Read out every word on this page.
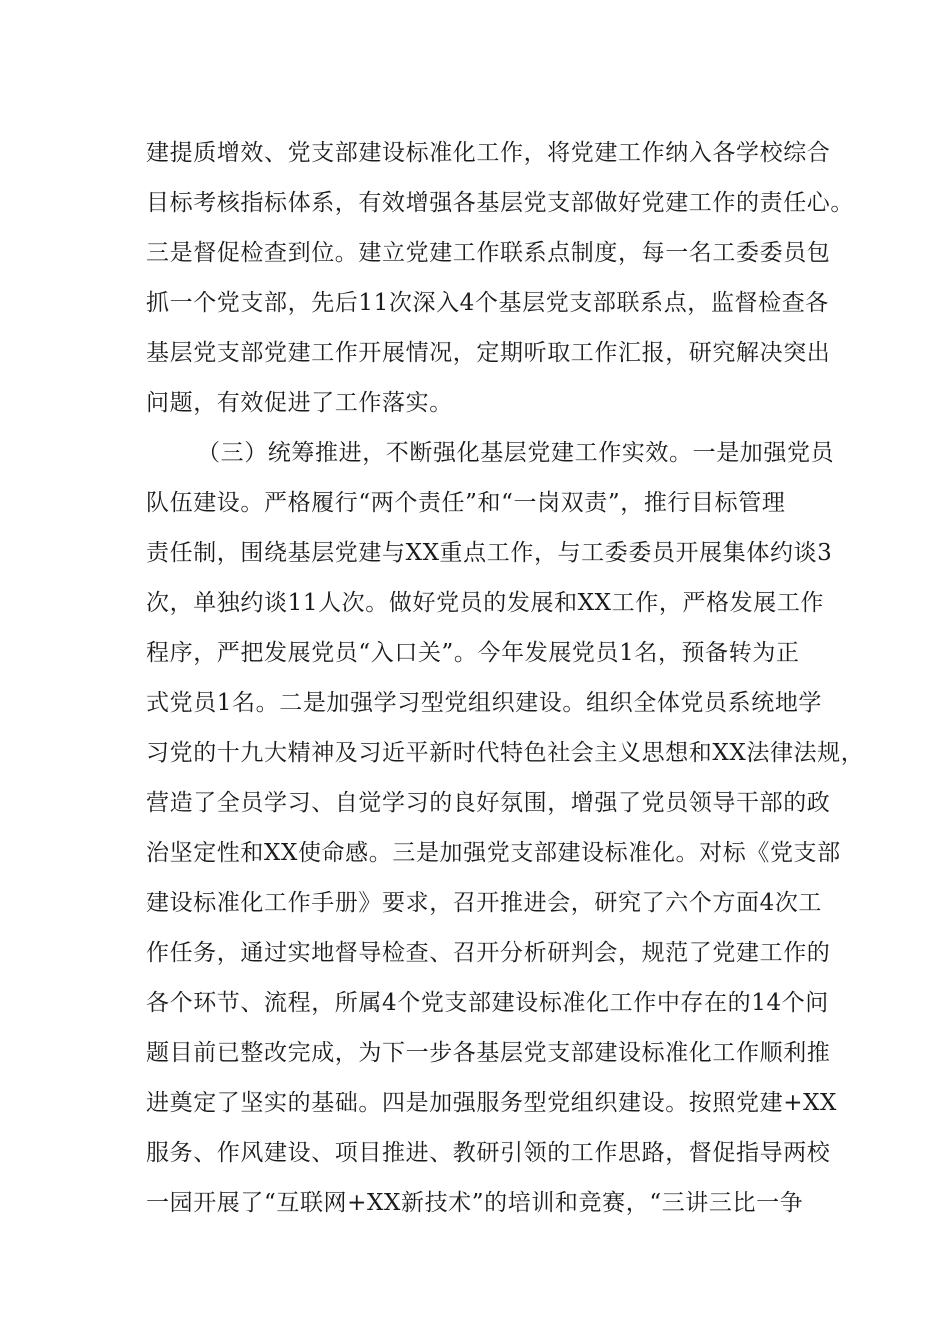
建提质增效、党支部建设标准化工作，将党建工作纳入各学校综合
目标考核指标体系，有效增强各基层党支部做好党建工作的责任心。
三是督促检查到位。建立党建工作联系点制度，每一名工委委员包
抓一个党支部，先后11次深入4个基层党支部联系点，监督检查各
基层党支部党建工作开展情况，定期听取工作汇报，研究解决突出
问题，有效促进了工作落实。
（三）统筹推进，不断强化基层党建工作实效。一是加强党员
队伍建设。严格履行“两个责任”和“一岗双责”，推行目标管理
责任制，围绕基层党建与XX重点工作，与工委委员开展集体约谈3
次，单独约谈11人次。做好党员的发展和XX工作，严格发展工作
程序，严把发展党员“入口关”。今年发展党员1名，预备转为正
式党员1名。二是加强学习型党组织建设。组织全体党员系统地学
习党的十九大精神及习近平新时代特色社会主义思想和XX法律法规，
营造了全员学习、自觉学习的良好氛围，增强了党员领导干部的政
治坚定性和XX使命感。三是加强党支部建设标准化。对标《党支部
建设标准化工作手册》要求，召开推进会，研究了六个方面4次工
作任务，通过实地督导检查、召开分析研判会，规范了党建工作的
各个环节、流程，所属4个党支部建设标准化工作中存在的14个问
题目前已整改完成，为下一步各基层党支部建设标准化工作顺利推
进奠定了坚实的基础。四是加强服务型党组织建设。按照党建+XX
服务、作风建设、项目推进、教研引领的工作思路，督促指导两校
一园开展了“互联网+XX新技术”的培训和竞赛，“三讲三比一争
